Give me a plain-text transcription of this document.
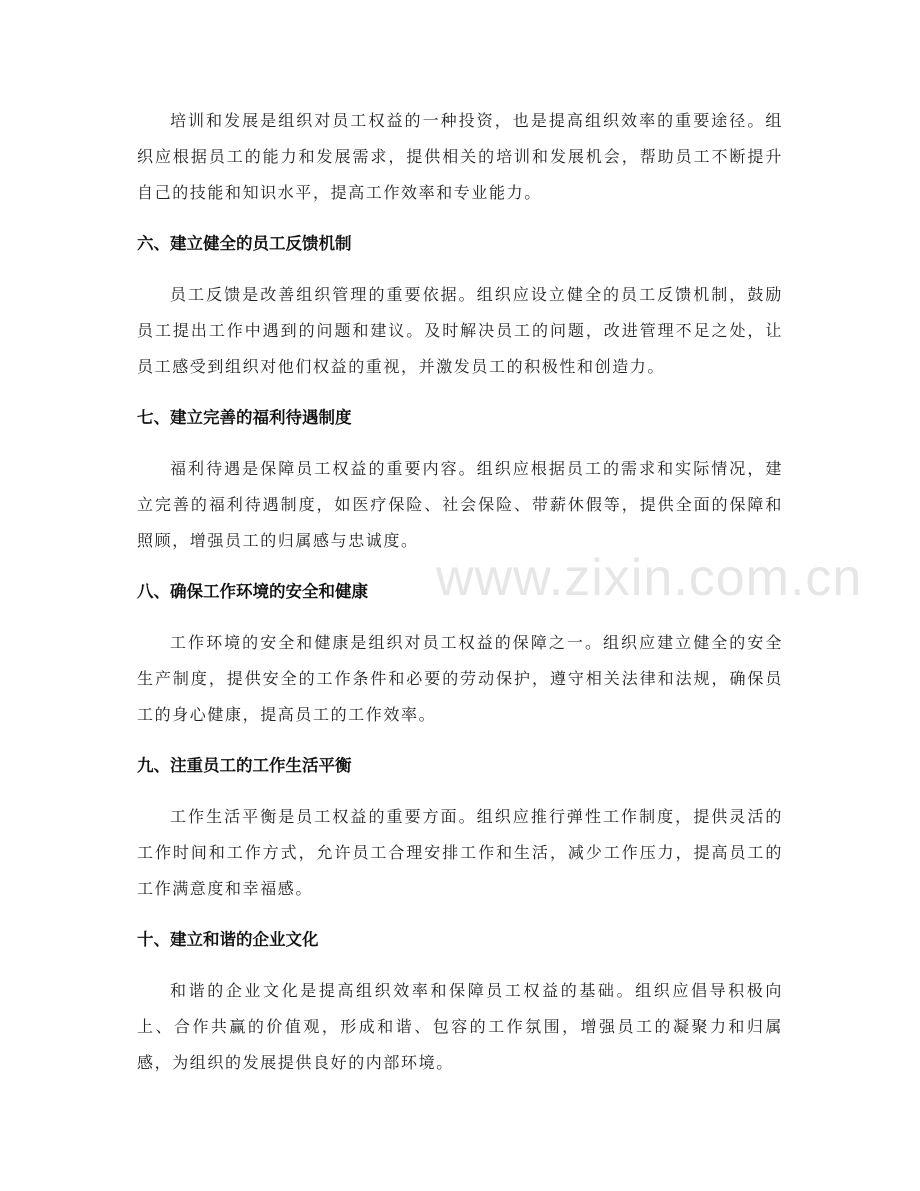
培训和发展是组织对员工权益的一种投资，也是提高组织效率的重要途径。组织应根据员工的能力和发展需求，提供相关的培训和发展机会，帮助员工不断提升自己的技能和知识水平，提高工作效率和专业能力。

六、建立健全的员工反馈机制

员工反馈是改善组织管理的重要依据。组织应设立健全的员工反馈机制，鼓励员工提出工作中遇到的问题和建议。及时解决员工的问题，改进管理不足之处，让员工感受到组织对他们权益的重视，并激发员工的积极性和创造力。

七、建立完善的福利待遇制度

福利待遇是保障员工权益的重要内容。组织应根据员工的需求和实际情况，建立完善的福利待遇制度，如医疗保险、社会保险、带薪休假等，提供全面的保障和照顾，增强员工的归属感与忠诚度。

八、确保工作环境的安全和健康

工作环境的安全和健康是组织对员工权益的保障之一。组织应建立健全的安全生产制度，提供安全的工作条件和必要的劳动保护，遵守相关法律和法规，确保员工的身心健康，提高员工的工作效率。

九、注重员工的工作生活平衡

工作生活平衡是员工权益的重要方面。组织应推行弹性工作制度，提供灵活的工作时间和工作方式，允许员工合理安排工作和生活，减少工作压力，提高员工的工作满意度和幸福感。

十、建立和谐的企业文化

和谐的企业文化是提高组织效率和保障员工权益的基础。组织应倡导积极向上、合作共赢的价值观，形成和谐、包容的工作氛围，增强员工的凝聚力和归属感，为组织的发展提供良好的内部环境。

www.zixin.com.cn
